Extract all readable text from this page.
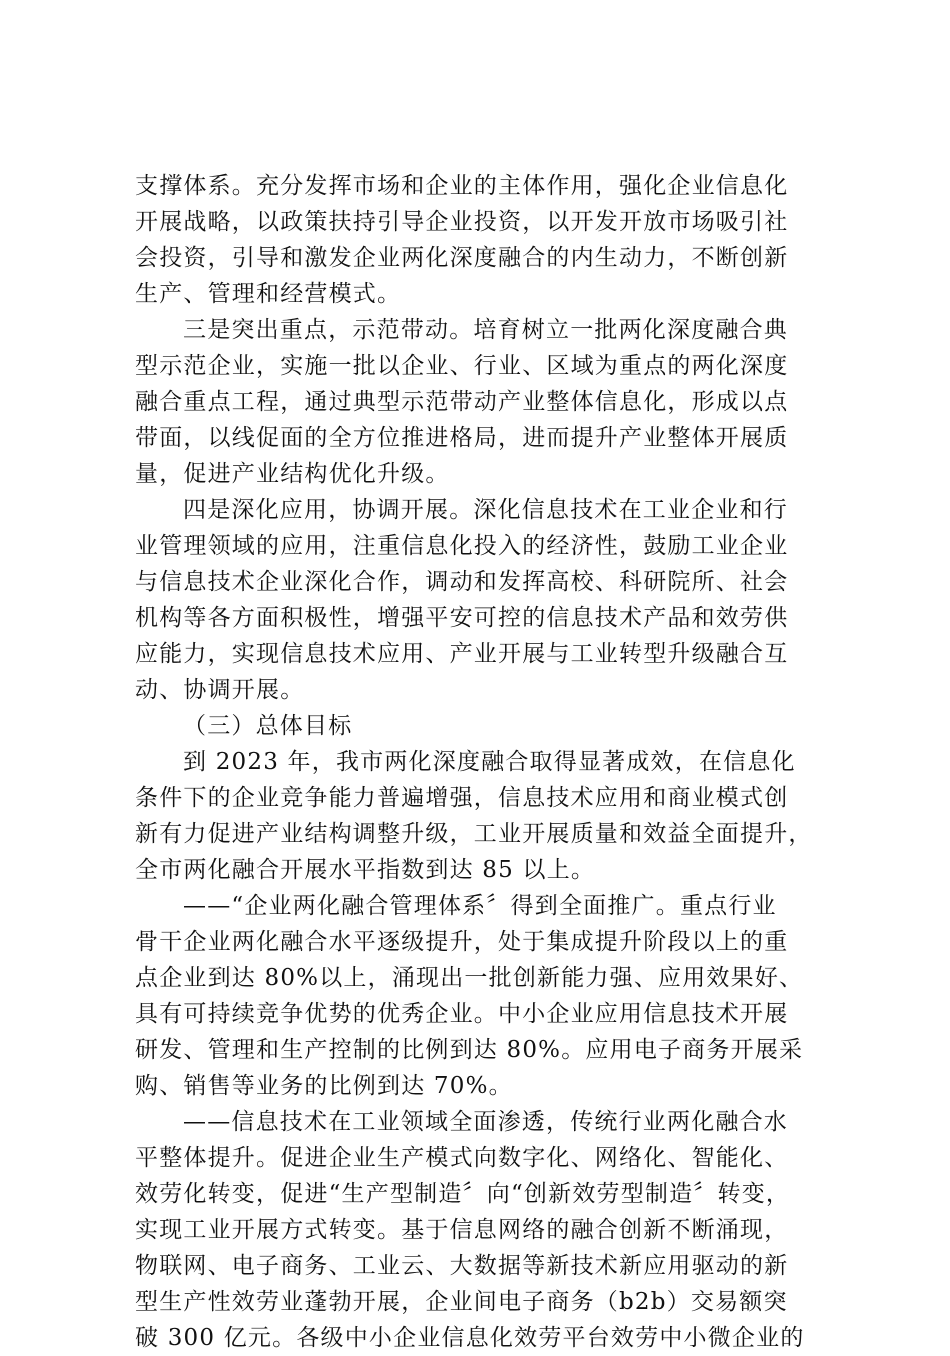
支撑体系。充分发挥市场和企业的主体作用，强化企业信息化
开展战略，以政策扶持引导企业投资，以开发开放市场吸引社
会投资，引导和激发企业两化深度融合的内生动力，不断创新
生产、管理和经营模式。
三是突出重点，示范带动。培育树立一批两化深度融合典
型示范企业，实施一批以企业、行业、区域为重点的两化深度
融合重点工程，通过典型示范带动产业整体信息化，形成以点
带面，以线促面的全方位推进格局，进而提升产业整体开展质
量，促进产业结构优化升级。
四是深化应用，协调开展。深化信息技术在工业企业和行
业管理领域的应用，注重信息化投入的经济性，鼓励工业企业
与信息技术企业深化合作，调动和发挥高校、科研院所、社会
机构等各方面积极性，增强平安可控的信息技术产品和效劳供
应能力，实现信息技术应用、产业开展与工业转型升级融合互
动、协调开展。
（三）总体目标
到 2023 年，我市两化深度融合取得显著成效，在信息化
条件下的企业竞争能力普遍增强，信息技术应用和商业模式创
新有力促进产业结构调整升级，工业开展质量和效益全面提升，
全市两化融合开展水平指数到达 85 以上。
——“企业两化融合管理体系〞得到全面推广。重点行业
骨干企业两化融合水平逐级提升，处于集成提升阶段以上的重
点企业到达 80%以上，涌现出一批创新能力强、应用效果好、
具有可持续竞争优势的优秀企业。中小企业应用信息技术开展
研发、管理和生产控制的比例到达 80%。应用电子商务开展采
购、销售等业务的比例到达 70%。
——信息技术在工业领域全面渗透，传统行业两化融合水
平整体提升。促进企业生产模式向数字化、网络化、智能化、
效劳化转变，促进“生产型制造〞向“创新效劳型制造〞转变，
实现工业开展方式转变。基于信息网络的融合创新不断涌现，
物联网、电子商务、工业云、大数据等新技术新应用驱动的新
型生产性效劳业蓬勃开展，企业间电子商务（b2b）交易额突
破 300 亿元。各级中小企业信息化效劳平台效劳中小微企业的
